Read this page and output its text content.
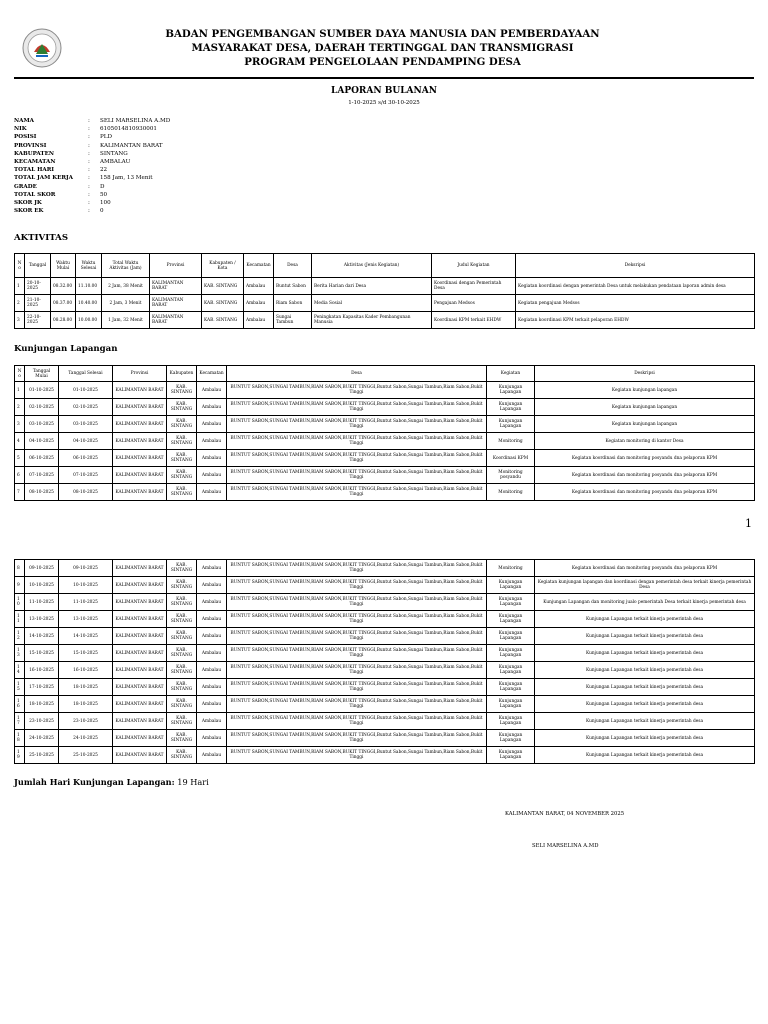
BADAN PENGEMBANGAN SUMBER DAYA MANUSIA DAN PEMBERDAYAAN
MASYARAKAT DESA, DAERAH TERTINGGAL DAN TRANSMIGRASI
PROGRAM PENGELOLAAN PENDAMPING DESA
LAPORAN BULANAN
1-10-2025 s/d 30-10-2025
NAMA	:	SELI MARSELINA A.MD
NIK	:	6105014810930001
POSISI	:	PLD
PROVINSI	:	KALIMANTAN BARAT
KABUPATEN	:	SINTANG
KECAMATAN	:	AMBALAU
TOTAL HARI	:	22
TOTAL JAM KERJA	:	158 Jam, 13 Menit
GRADE	:	D
TOTAL SKOR	:	50
SKOR JK	:	100
SKOR EK	:	0
AKTIVITAS
No	Tanggal	Waktu Mulai	Waktu Selesai	Total Waktu Aktivitas (Jam)	Provinsi	Kabupaten / Kota	Kecamatan	Desa	Aktivitas (Jenis Kegiatan)	Judul Kegiatan	Deksripsi
1	20-10-2025	08.32.00	11.10.00	2 Jam, 38 Menit	KALIMANTAN BARAT	KAB. SINTANG	Ambalau	Buntut Sabon	Berita Harian dari Desa	Koordinasi dengan Pemerintah Desa	Kegiatan koordinasi dengan pemerintah Desa untuk melakukan pendataan laporan admin desa
2	21-10-2025	08.37.00	10.40.00	2 Jam, 3 Menit	KALIMANTAN BARAT	KAB. SINTANG	Ambalau	Riam Sabon	Media Sosial	Pengajuan Medsos	Kegiatan pengajuan Medsos
3	22-10-2025	08.28.00	10.00.00	1 Jam, 32 Menit	KALIMANTAN BARAT	KAB. SINTANG	Ambalau	Sungai Tambun	Peningkatan Kapasitas Kader Pembangunan Manusia	Koordinasi KPM terkait EHDW	Kegiatan koordinasi KPM terkait pelaporan EHDW
Kunjungan Lapangan
No	Tanggal Mulai	Tanggal Selesai	Provinsi	Kabupaten	Kecamatan	Desa	Kegiatan	Deskripsi
1	01-10-2025	01-10-2025	KALIMANTAN BARAT	KAB. SINTANG	Ambalau	BUNTUT SABON,SUNGAI TAMBUN,RIAM SABON,BUKIT TINGGI,Buntut Sabon,Sungai Tambun,Riam Sabon,Bukit Tinggi	Kunjungan Lapangan	Kegiatan kunjungan lapangan
2	02-10-2025	02-10-2025	KALIMANTAN BARAT	KAB. SINTANG	Ambalau	BUNTUT SABON,SUNGAI TAMBUN,RIAM SABON,BUKIT TINGGI,Buntut Sabon,Sungai Tambun,Riam Sabon,Bukit Tinggi	Kunjungan Lapangan	Kegiatan kunjungan lapangan
3	03-10-2025	03-10-2025	KALIMANTAN BARAT	KAB. SINTANG	Ambalau	BUNTUT SABON,SUNGAI TAMBUN,RIAM SABON,BUKIT TINGGI,Buntut Sabon,Sungai Tambun,Riam Sabon,Bukit Tinggi	Kunjungan Lapangan	Kegiatan kunjungan lapangan
4	04-10-2025	04-10-2025	KALIMANTAN BARAT	KAB. SINTANG	Ambalau	BUNTUT SABON,SUNGAI TAMBUN,RIAM SABON,BUKIT TINGGI,Buntut Sabon,Sungai Tambun,Riam Sabon,Bukit Tinggi	Monitoring	Kegiatan monitoring di kantor Desa
5	06-10-2025	06-10-2025	KALIMANTAN BARAT	KAB. SINTANG	Ambalau	BUNTUT SABON,SUNGAI TAMBUN,RIAM SABON,BUKIT TINGGI,Buntut Sabon,Sungai Tambun,Riam Sabon,Bukit Tinggi	Koordinasi KPM	Kegiatan koordinasi dan monitoring posyandu dna pelaporan KPM
6	07-10-2025	07-10-2025	KALIMANTAN BARAT	KAB. SINTANG	Ambalau	BUNTUT SABON,SUNGAI TAMBUN,RIAM SABON,BUKIT TINGGI,Buntut Sabon,Sungai Tambun,Riam Sabon,Bukit Tinggi	Monitoring posyandu	Kegiatan koordinasi dan monitoring posyandu dna pelaporan KPM
7	08-10-2025	08-10-2025	KALIMANTAN BARAT	KAB. SINTANG	Ambalau	BUNTUT SABON,SUNGAI TAMBUN,RIAM SABON,BUKIT TINGGI,Buntut Sabon,Sungai Tambun,Riam Sabon,Bukit Tinggi	Monitoring	Kegiatan koordinasi dan monitoring posyandu dna pelaporan KPM
1
8	09-10-2025	09-10-2025	KALIMANTAN BARAT	KAB. SINTANG	Ambalau	BUNTUT SABON,SUNGAI TAMBUN,RIAM SABON,BUKIT TINGGI,Buntut Sabon,Sungai Tambun,Riam Sabon,Bukit Tinggi	Monitoring	Kegiatan koordinasi dan monitoring posyandu dna pelaporan KPM
9	10-10-2025	10-10-2025	KALIMANTAN BARAT	KAB. SINTANG	Ambalau	BUNTUT SABON,SUNGAI TAMBUN,RIAM SABON,BUKIT TINGGI,Buntut Sabon,Sungai Tambun,Riam Sabon,Bukit Tinggi	Kunjungan Lapangan	Kegiatan kunjungan lapangan dan koordinasi dengan pemerintah desa terkait kinerja pemerintah Desa
10	11-10-2025	11-10-2025	KALIMANTAN BARAT	KAB. SINTANG	Ambalau	BUNTUT SABON,SUNGAI TAMBUN,RIAM SABON,BUKIT TINGGI,Buntut Sabon,Sungai Tambun,Riam Sabon,Bukit Tinggi	Kunjungan Lapangan	Kunjungan Lapangan dan monitoring jualo pemerintah Desa terkait kinerja pemerintah desa
11	13-10-2025	13-10-2025	KALIMANTAN BARAT	KAB. SINTANG	Ambalau	BUNTUT SABON,SUNGAI TAMBUN,RIAM SABON,BUKIT TINGGI,Buntut Sabon,Sungai Tambun,Riam Sabon,Bukit Tinggi	Kunjungan Lapangan	Kunjungan Lapangan terkait kinerja pemerintah desa
12	14-10-2025	14-10-2025	KALIMANTAN BARAT	KAB. SINTANG	Ambalau	BUNTUT SABON,SUNGAI TAMBUN,RIAM SABON,BUKIT TINGGI,Buntut Sabon,Sungai Tambun,Riam Sabon,Bukit Tinggi	Kunjungan Lapangan	Kunjungan Lapangan terkait kinerja pemerintah desa
13	15-10-2025	15-10-2025	KALIMANTAN BARAT	KAB. SINTANG	Ambalau	BUNTUT SABON,SUNGAI TAMBUN,RIAM SABON,BUKIT TINGGI,Buntut Sabon,Sungai Tambun,Riam Sabon,Bukit Tinggi	Kunjungan Lapangan	Kunjungan Lapangan terkait kinerja pemerintah desa
14	16-10-2025	16-10-2025	KALIMANTAN BARAT	KAB. SINTANG	Ambalau	BUNTUT SABON,SUNGAI TAMBUN,RIAM SABON,BUKIT TINGGI,Buntut Sabon,Sungai Tambun,Riam Sabon,Bukit Tinggi	Kunjungan Lapangan	Kunjungan Lapangan terkait kinerja pemerintah desa
15	17-10-2025	18-10-2025	KALIMANTAN BARAT	KAB. SINTANG	Ambalau	BUNTUT SABON,SUNGAI TAMBUN,RIAM SABON,BUKIT TINGGI,Buntut Sabon,Sungai Tambun,Riam Sabon,Bukit Tinggi	Kunjungan Lapangan	Kunjungan Lapangan terkait kinerja pemerintah desa
16	18-10-2025	18-10-2025	KALIMANTAN BARAT	KAB. SINTANG	Ambalau	BUNTUT SABON,SUNGAI TAMBUN,RIAM SABON,BUKIT TINGGI,Buntut Sabon,Sungai Tambun,Riam Sabon,Bukit Tinggi	Kunjungan Lapangan	Kunjungan Lapangan terkait kinerja pemerintah desa
17	23-10-2025	23-10-2025	KALIMANTAN BARAT	KAB. SINTANG	Ambalau	BUNTUT SABON,SUNGAI TAMBUN,RIAM SABON,BUKIT TINGGI,Buntut Sabon,Sungai Tambun,Riam Sabon,Bukit Tinggi	Kunjungan Lapangan	Kunjungan Lapangan terkait kinerja pemerintah desa
18	24-10-2025	24-10-2025	KALIMANTAN BARAT	KAB. SINTANG	Ambalau	BUNTUT SABON,SUNGAI TAMBUN,RIAM SABON,BUKIT TINGGI,Buntut Sabon,Sungai Tambun,Riam Sabon,Bukit Tinggi	Kunjungan Lapangan	Kunjungan Lapangan terkait kinerja pemerintah desa
19	25-10-2025	25-10-2025	KALIMANTAN BARAT	KAB. SINTANG	Ambalau	BUNTUT SABON,SUNGAI TAMBUN,RIAM SABON,BUKIT TINGGI,Buntut Sabon,Sungai Tambun,Riam Sabon,Bukit Tinggi	Kunjungan Lapangan	Kunjungan Lapangan terkait kinerja pemerintah desa
Jumlah Hari Kunjungan Lapangan: 19 Hari
KALIMANTAN BARAT, 04 NOVEMBER 2025
SELI MARSELINA A.MD
